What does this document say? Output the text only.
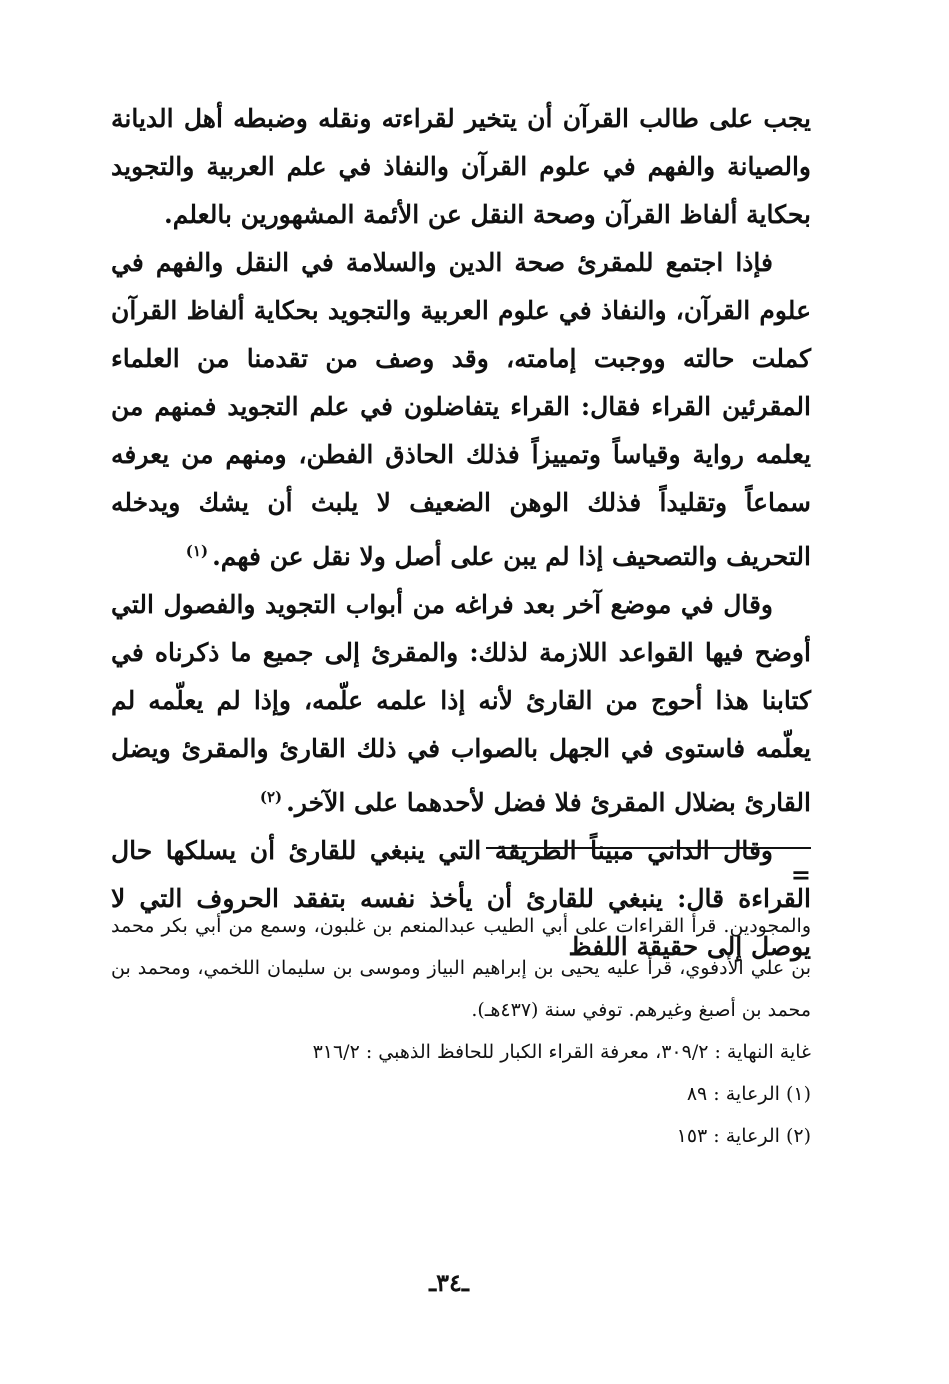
يجب على طالب القرآن أن يتخير لقراءته ونقله وضبطه أهل الديانة والصيانة والفهم في علوم القرآن والنفاذ في علم العربية والتجويد بحكاية ألفاظ القرآن وصحة النقل عن الأئمة المشهورين بالعلم.

فإذا اجتمع للمقرئ صحة الدين والسلامة في النقل والفهم في علوم القرآن، والنفاذ في علوم العربية والتجويد بحكاية ألفاظ القرآن كملت حالته ووجبت إمامته، وقد وصف من تقدمنا من العلماء المقرئين القراء فقال: القراء يتفاضلون في علم التجويد فمنهم من يعلمه رواية وقياساً وتمييزاً فذلك الحاذق الفطن، ومنهم من يعرفه سماعاً وتقليداً فذلك الوهن الضعيف لا يلبث أن يشك ويدخله التحريف والتصحيف إذا لم يبن على أصل ولا نقل عن فهم.$^{(١)}$

وقال في موضع آخر بعد فراغه من أبواب التجويد والفصول التي أوضح فيها القواعد اللازمة لذلك: والمقرئ إلى جميع ما ذكرناه في كتابنا هذا أحوج من القارئ لأنه إذا علمه علّمه، وإذا لم يعلّمه لم يعلّمه فاستوى في الجهل بالصواب في ذلك القارئ والمقرئ ويضل القارئ بضلال المقرئ فلا فضل لأحدهما على الآخر.$^{(٢)}$

وقال الداني مبيناً الطريقة التي ينبغي للقارئ أن يسلكها حال القراءة قال: ينبغي للقارئ أن يأخذ نفسه بتفقد الحروف التي لا يوصل إلى حقيقة اللفظ

=

والمجودين. قرأ القراءات على أبي الطيب عبدالمنعم بن غلبون، وسمع من أبي بكر محمد بن علي الأدفوي، قرأ عليه يحيى بن إبراهيم البياز وموسى بن سليمان اللخمي، ومحمد بن محمد بن أصبغ وغيرهم. توفي سنة (٤٣٧هـ).

غاية النهاية : ٣٠٩/٢، معرفة القراء الكبار للحافظ الذهبي : ٣١٦/٢

(١) الرعاية : ٨٩

(٢) الرعاية : ١٥٣

ـ٣٤ـ
